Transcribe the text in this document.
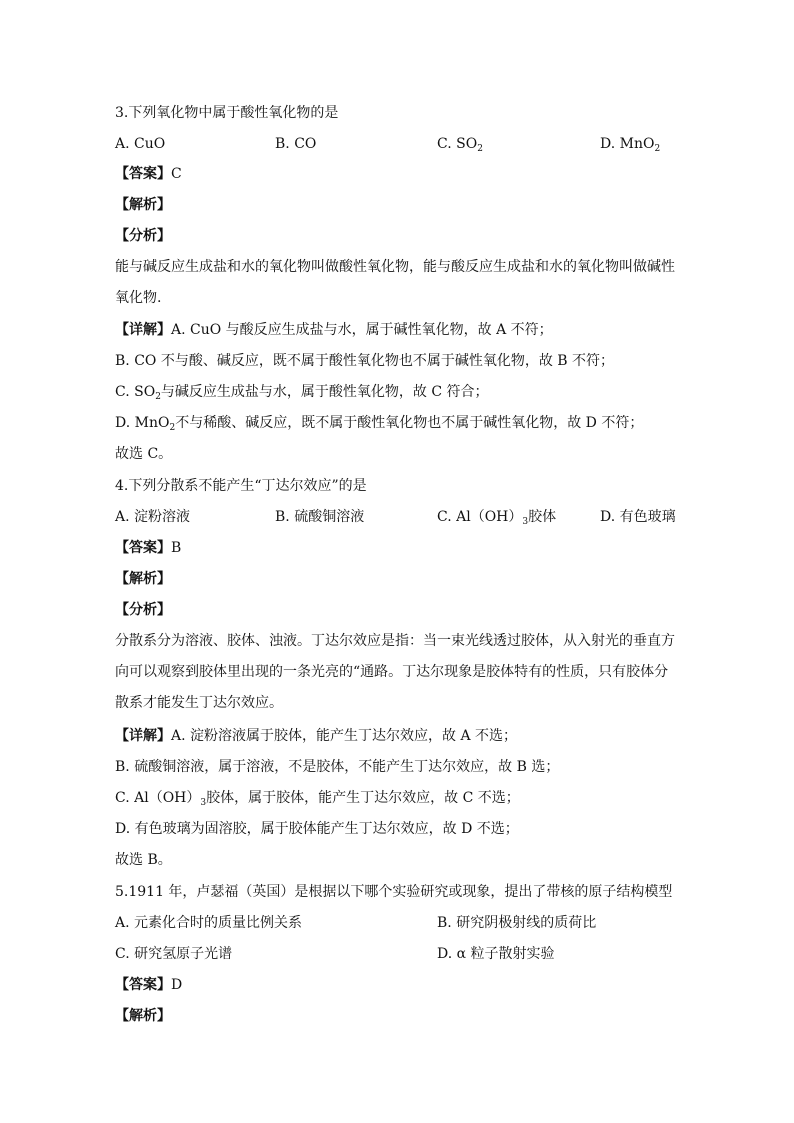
3.下列氧化物中属于酸性氧化物的是
A. CuO	B. CO	C. $SO_2$	D. MnO$_2$
【答案】C
【解析】
【分析】
能与碱反应生成盐和水的氧化物叫做酸性氧化物，能与酸反应生成盐和水的氧化物叫做碱性
氧化物.
【详解】A. CuO 与酸反应生成盐与水，属于碱性氧化物，故 A 不符；
B. CO 不与酸、碱反应，既不属于酸性氧化物也不属于碱性氧化物，故 B 不符；
C. $SO_2$与碱反应生成盐与水，属于酸性氧化物，故 C 符合；
D. MnO$_2$不与稀酸、碱反应，既不属于酸性氧化物也不属于碱性氧化物，故 D 不符；
故选 C。
4.下列分散系不能产生“丁达尔效应”的是
A. 淀粉溶液	B. 硫酸铜溶液	C. $Al(OH)_3$胶体	D. 有色玻璃
【答案】B
【解析】
【分析】
分散系分为溶液、胶体、浊液。丁达尔效应是指：当一束光线透过胶体，从入射光的垂直方
向可以观察到胶体里出现的一条光亮的“通路。丁达尔现象是胶体特有的性质，只有胶体分
散系才能发生丁达尔效应。
【详解】A. 淀粉溶液属于胶体，能产生丁达尔效应，故 A 不选；
B. 硫酸铜溶液，属于溶液，不是胶体，不能产生丁达尔效应，故 B 选；
C. $Al(OH)_3$胶体，属于胶体，能产生丁达尔效应，故 C 不选；
D. 有色玻璃为固溶胶，属于胶体能产生丁达尔效应，故 D 不选；
故选 B。
5.1911 年，卢瑟福（英国）是根据以下哪个实验研究或现象，提出了带核的原子结构模型
A. 元素化合时的质量比例关系	B. 研究阴极射线的质荷比
C. 研究氢原子光谱	D. α 粒子散射实验
【答案】D
【解析】
